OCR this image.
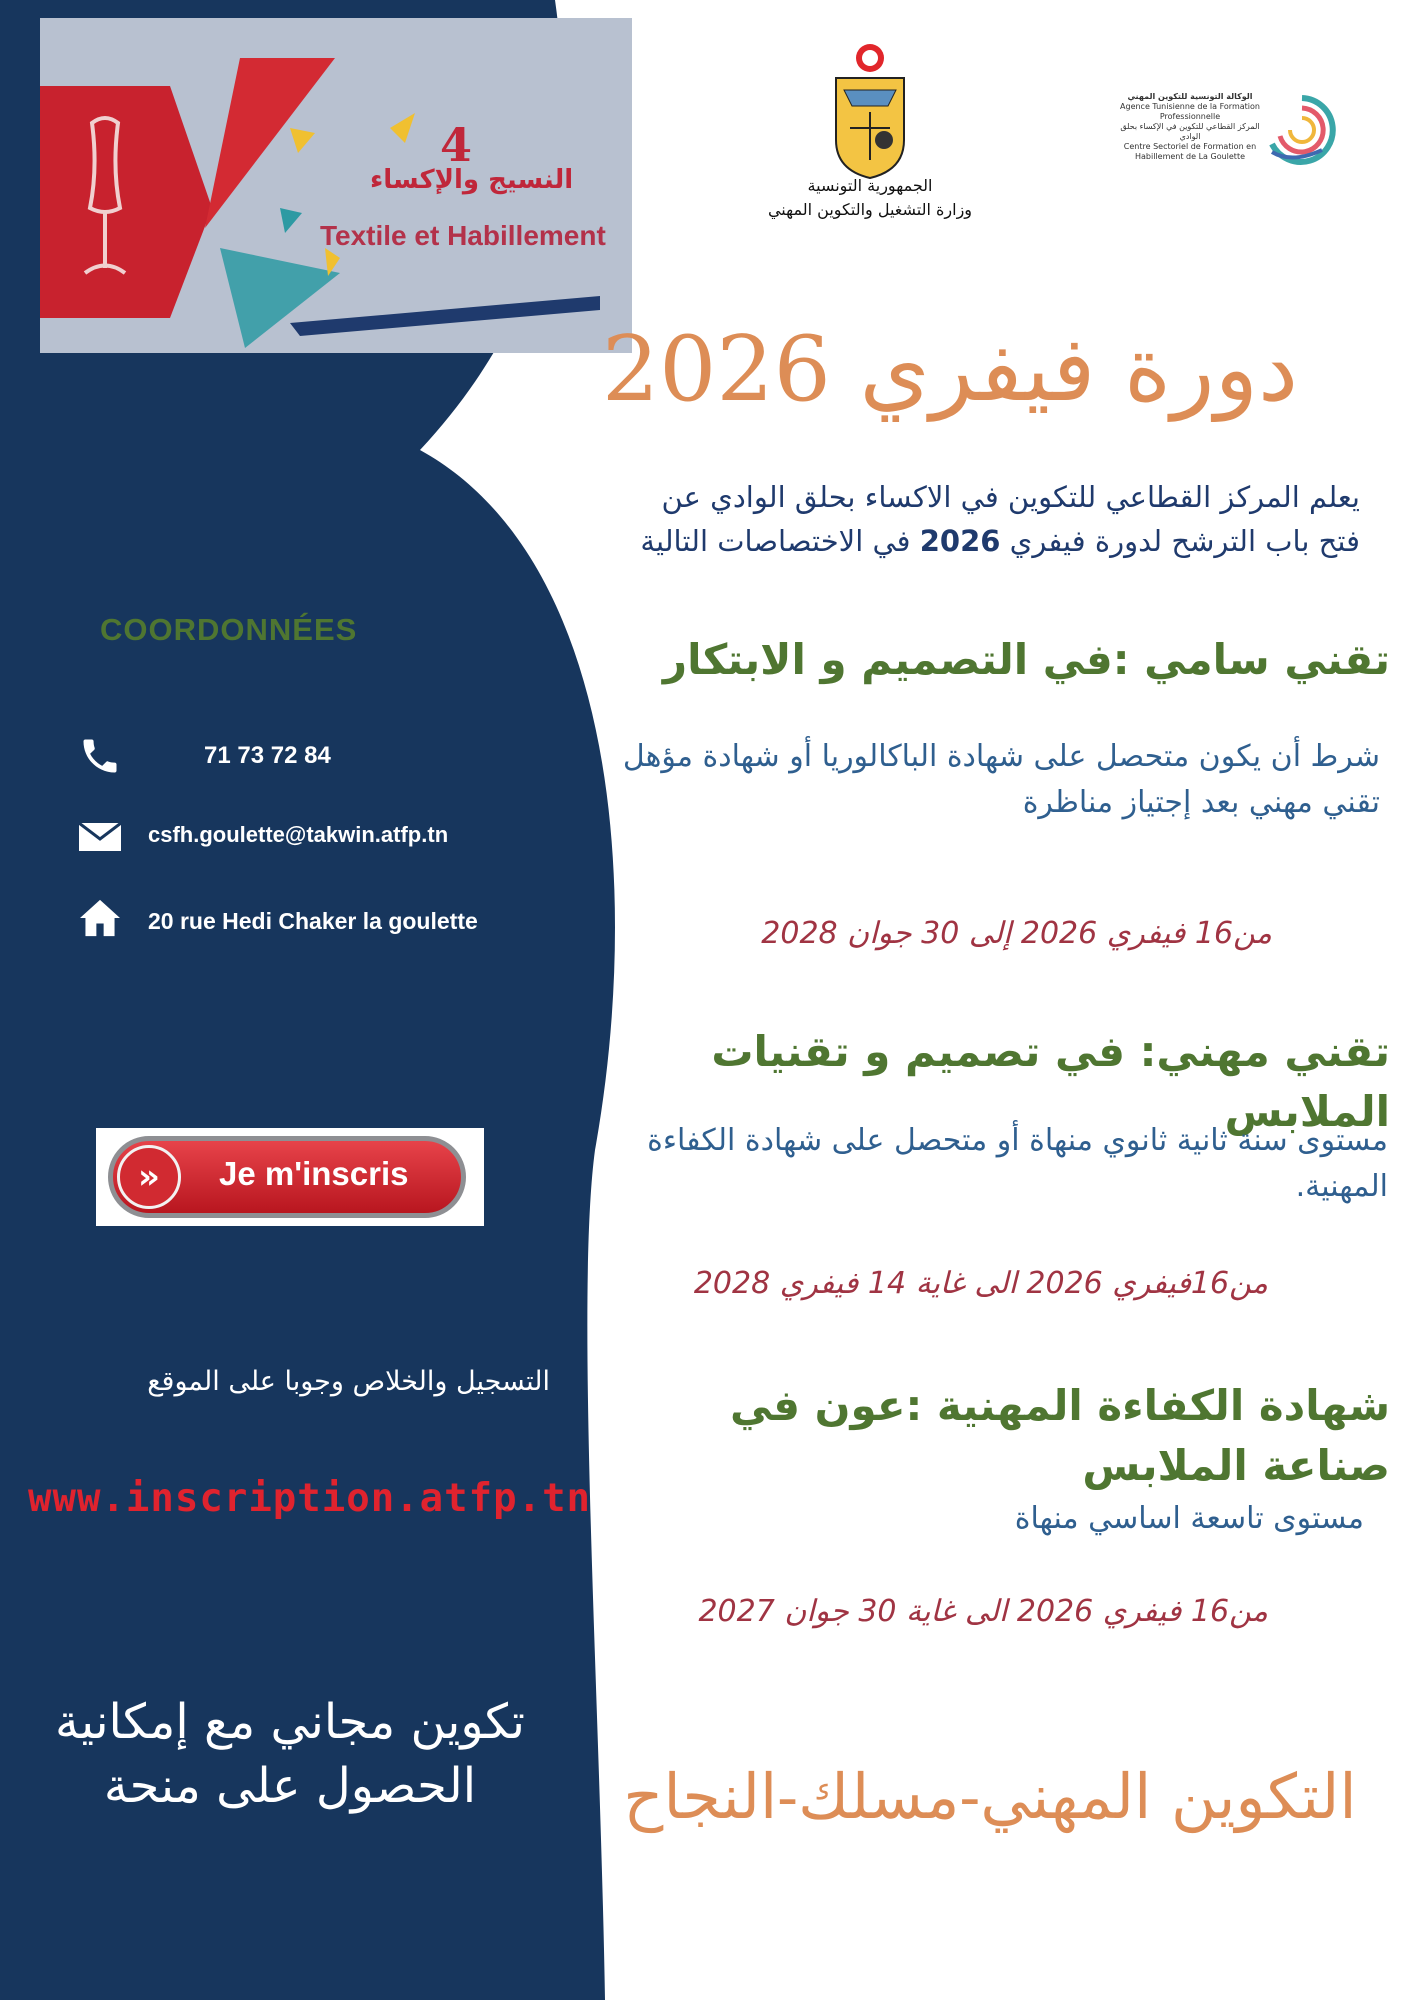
4
النسيج والإكساء
Textile et Habillement
الجمهورية التونسية
وزارة التشغيل والتكوين المهني
الوكالة التونسية للتكوين المهني
Agence Tunisienne de la Formation Professionnelle
المركز القطاعي للتكوين في الإكساء بحلق الوادي
Centre Sectoriel de Formation en Habillement de La Goulette
دورة فيفري 2026
يعلم المركز القطاعي للتكوين في الاكساء بحلق الوادي عن
فتح باب الترشح لدورة فيفري 2026 في الاختصاصات التالية
تقني سامي :في التصميم و الابتكار
شرط أن يكون متحصل على شهادة الباكالوريا أو شهادة مؤهل تقني مهني بعد إجتياز مناظرة
من16 فيفري 2026 إلى 30 جوان 2028
تقني مهني: في تصميم و تقنيات الملابس
مستوى سنة ثانية ثانوي منهاة أو متحصل على شهادة الكفاءة المهنية.
من16فيفري 2026 الى غاية 14 فيفري 2028
شهادة الكفاءة المهنية :عون في صناعة الملابس
مستوى تاسعة اساسي منهاة
من16 فيفري 2026 الى غاية 30 جوان 2027
COORDONNÉES
71 73 72 84
csfh.goulette@takwin.atfp.tn
20 rue Hedi Chaker la goulette
»	Je m'inscris
التسجيل والخلاص وجوبا على الموقع
www.inscription.atfp.tn
تكوين مجاني مع إمكانية الحصول على منحة	التكوين المهني-مسلك-النجاح
